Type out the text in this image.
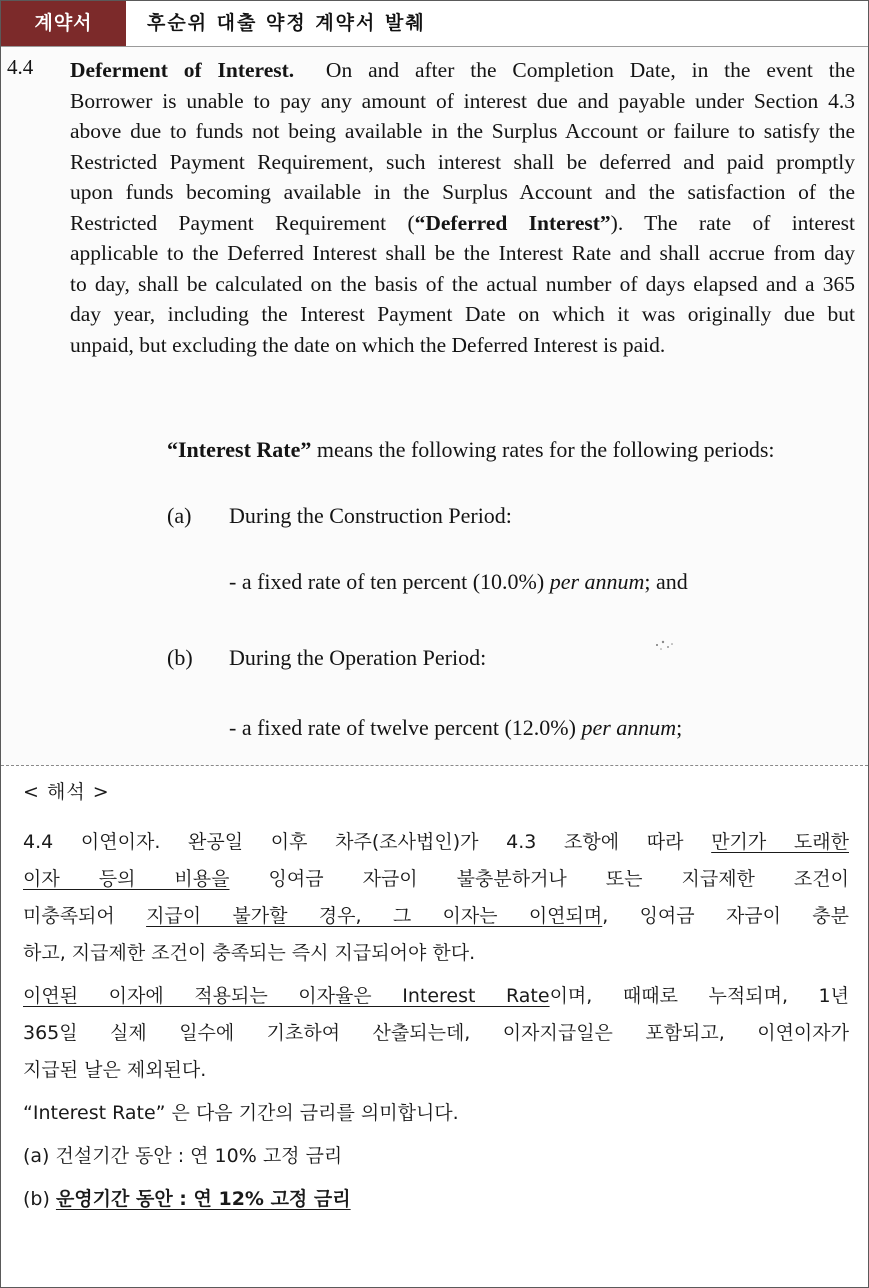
계약서	후순위 대출 약정 계약서 발췌
4.4 Deferment of Interest. On and after the Completion Date, in the event the
Borrower is unable to pay any amount of interest due and payable under Section 4.3
above due to funds not being available in the Surplus Account or failure to satisfy the
Restricted Payment Requirement, such interest shall be deferred and paid promptly
upon funds becoming available in the Surplus Account and the satisfaction of the
Restricted Payment Requirement (“Deferred Interest”). The rate of interest
applicable to the Deferred Interest shall be the Interest Rate and shall accrue from day
to day, shall be calculated on the basis of the actual number of days elapsed and a 365
day year, including the Interest Payment Date on which it was originally due but
unpaid, but excluding the date on which the Deferred Interest is paid.
“Interest Rate” means the following rates for the following periods:
(a) During the Construction Period:
- a fixed rate of ten percent (10.0%) per annum; and
(b) During the Operation Period:
- a fixed rate of twelve percent (12.0%) per annum;
< 해석 >
4.4 이연이자. 완공일 이후 차주(조사법인)가 4.3 조항에 따라 만기가 도래한
이자 등의 비용을 잉여금 자금이 불충분하거나 또는 지급제한 조건이
미충족되어 지급이 불가할 경우, 그 이자는 이연되며, 잉여금 자금이 충분
하고, 지급제한 조건이 충족되는 즉시 지급되어야 한다.
이연된 이자에 적용되는 이자율은 Interest Rate이며, 때때로 누적되며, 1년
365일 실제 일수에 기초하여 산출되는데, 이자지급일은 포함되고, 이연이자가
지급된 날은 제외된다.
“Interest Rate” 은 다음 기간의 금리를 의미합니다.
(a) 건설기간 동안 : 연 10% 고정 금리
(b) 운영기간 동안 : 연 12% 고정 금리
